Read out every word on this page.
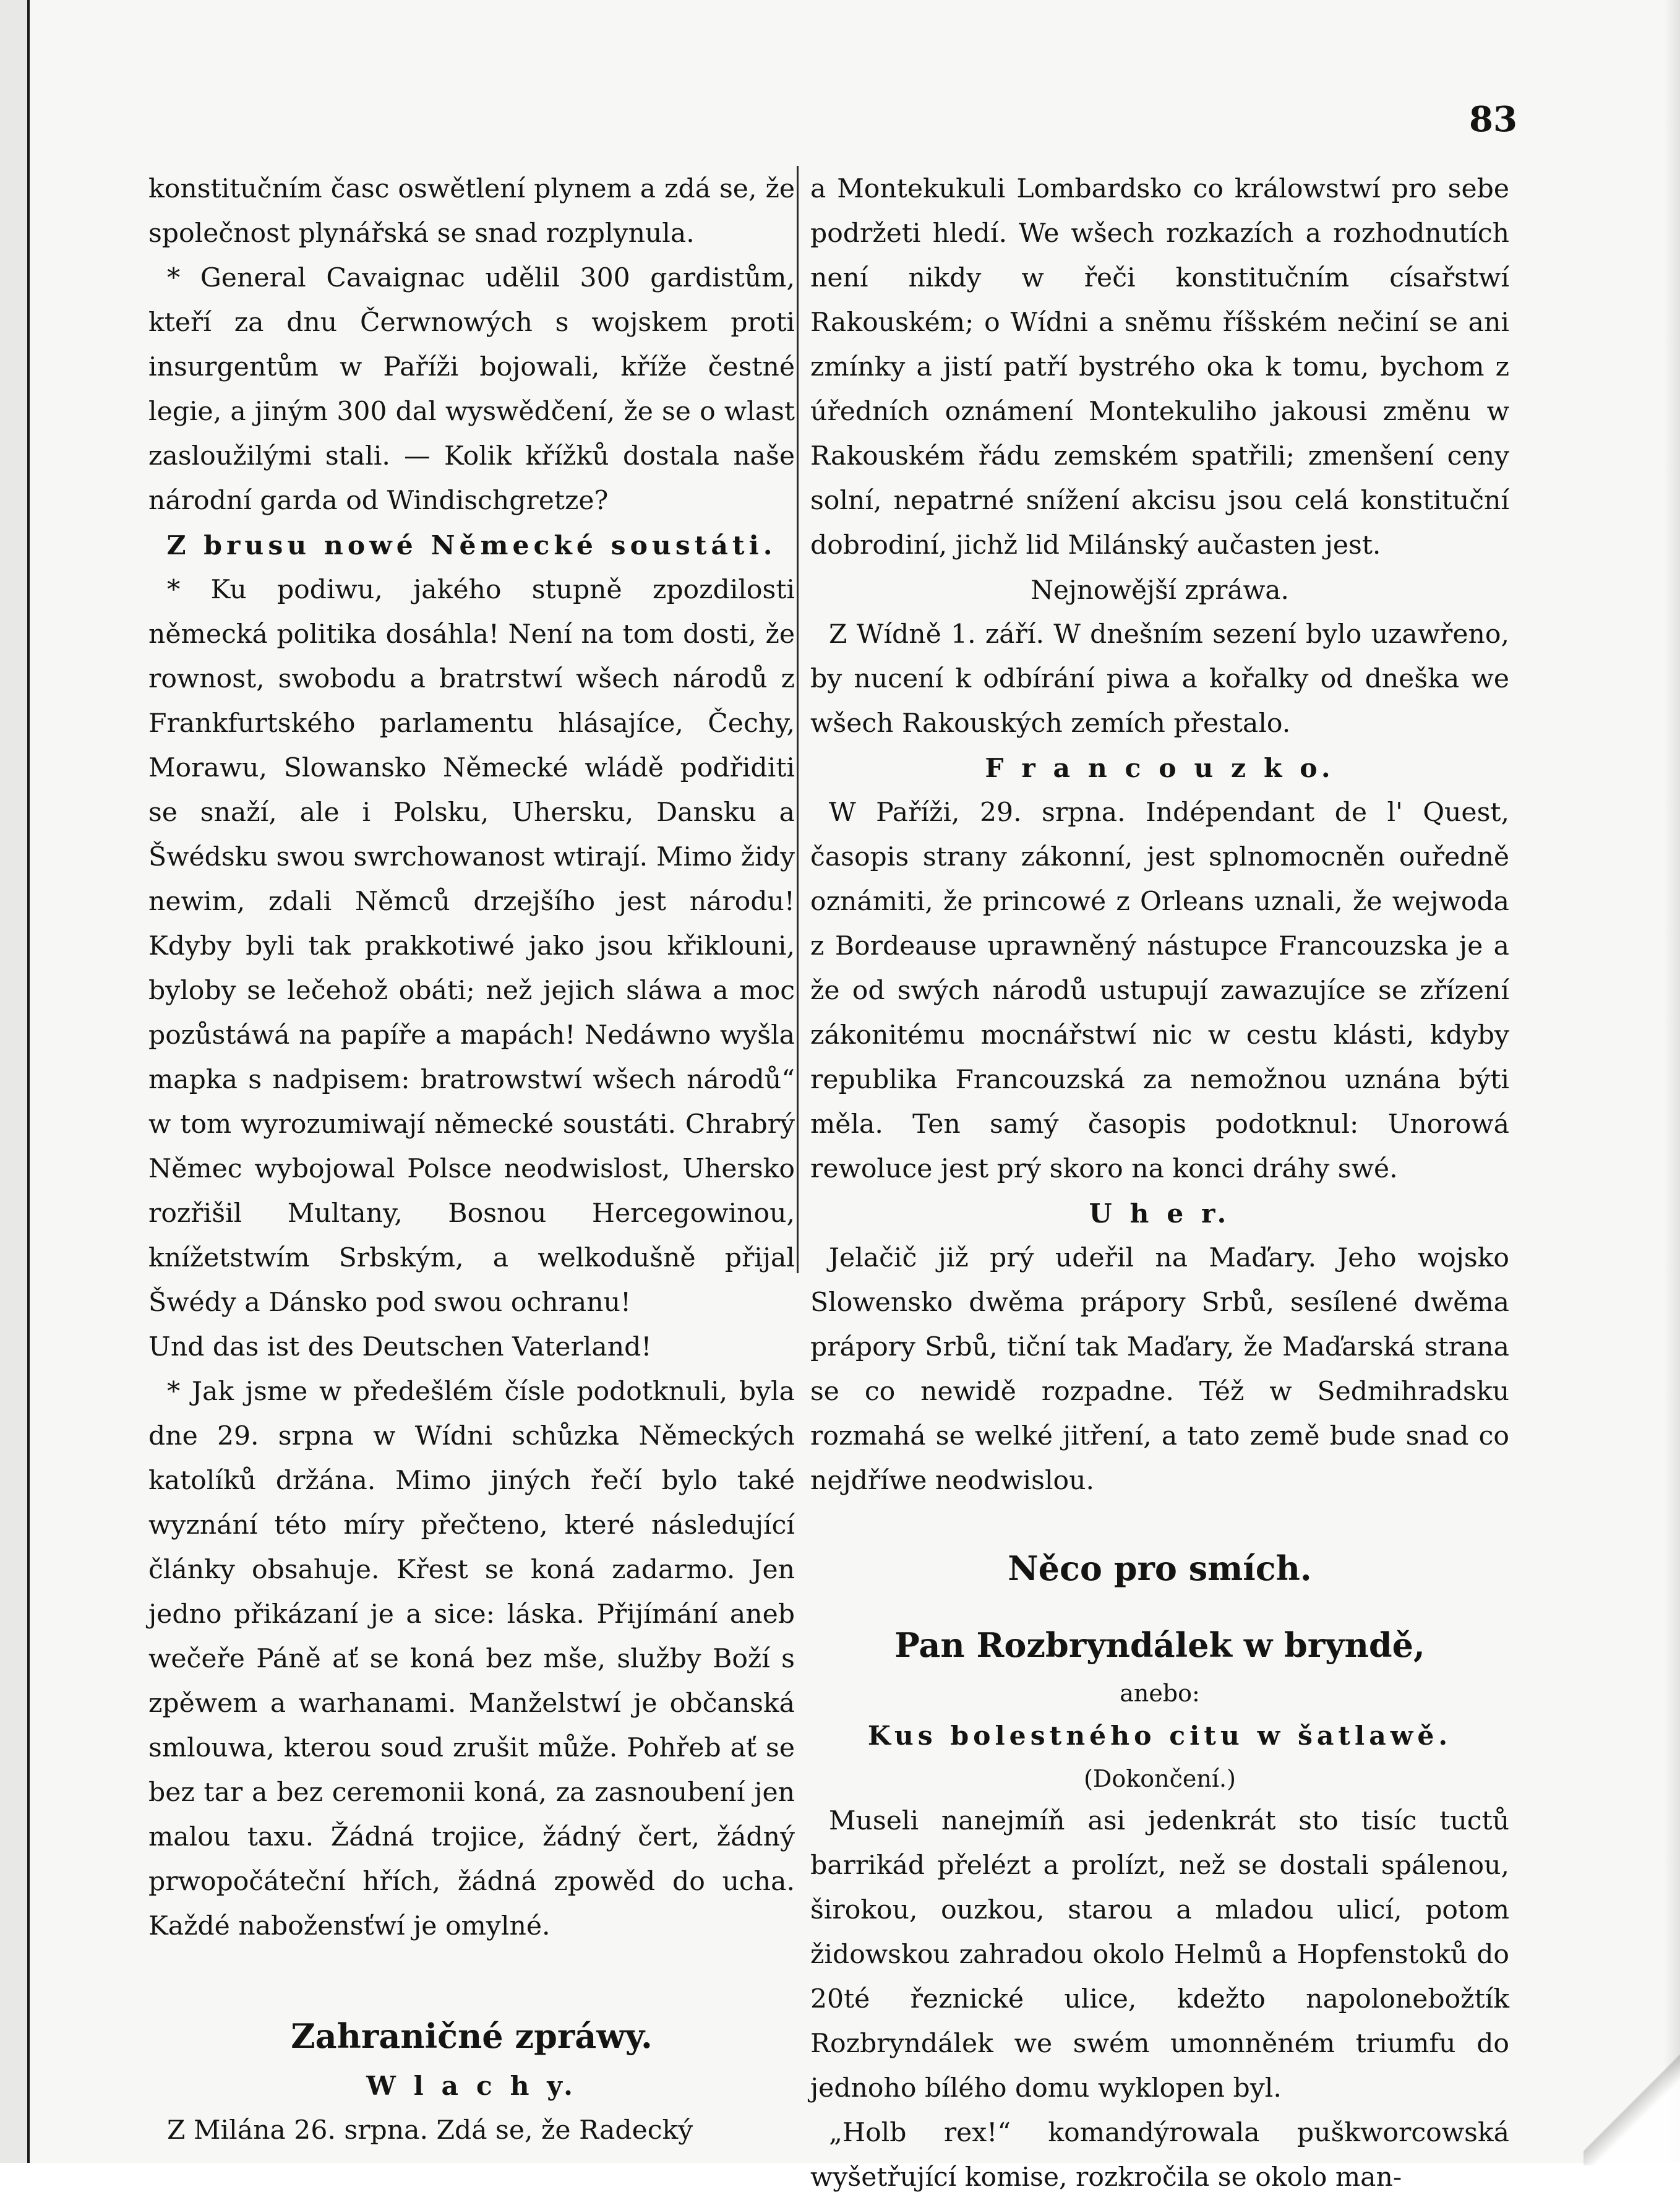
83

konstitučním časc oswětlení plynem a zdá se, že společnost plynářská se snad rozplynula.

* General Cavaignac udělil 300 gardistům, kteří za dnu Čerwnowých s wojskem proti insurgentům w Paříži bojowali, kříže čestné legie, a jiným 300 dal wyswědčení, že se o wlast zasloužilými stali. — Kolik křížků dostala naše národní garda od Windischgretze?

Z brusu nowé Německé soustáti.

* Ku podiwu, jakého stupně zpozdilosti německá politika dosáhla! Není na tom dosti, že rownost, swobodu a bratrstwí wšech národů z Frankfurtského parlamentu hlásajíce, Čechy, Morawu, Slowansko Německé wládě podřiditi se snaží, ale i Polsku, Uhersku, Dansku a Šwédsku swou swrchowanost wtirají. Mimo židy newim, zdali Němců drzejšího jest národu! Kdyby byli tak prakkotiwé jako jsou křiklouni, byloby se lečehož obáti; než jejich sláwa a moc pozůstáwá na papíře a mapách! Nedáwno wyšla mapka s nadpisem: bratrowstwí wšech národů“ w tom wyrozumiwají německé soustáti. Chrabrý Němec wybojowal Polsce neodwislost, Uhersko rozřišil Multany, Bosnou Hercegowinou, knížetstwím Srbským, a welkodušně přijal Šwédy a Dánsko pod swou ochranu!

Und das ist des Deutschen Vaterland!

* Jak jsme w předešlém čísle podotknuli, byla dne 29. srpna w Wídni schůzka Německých katolíků držána. Mimo jiných řečí bylo také wyznání této míry přečteno, které následující články obsahuje. Křest se koná zadarmo. Jen jedno přikázaní je a sice: láska. Přijímání aneb wečeře Páně ať se koná bez mše, služby Boží s zpěwem a warhanami. Manželstwí je občanská smlouwa, kterou soud zrušit může. Pohřeb ať se bez tar a bez ceremonii koná, za zasnoubení jen malou taxu. Žádná trojice, žádný čert, žádný prwopočáteční hřích, žádná zpowěd do ucha. Každé nabožensťwí je omylné.

Zahraničné zpráwy.

W l a c h y.

Z Milána 26. srpna. Zdá se, že Radecký

a Montekukuli Lombardsko co králowstwí pro sebe podržeti hledí. We wšech rozkazích a rozhodnutích není nikdy w řeči konstitučním císařstwí Rakouském; o Wídni a sněmu říšském nečiní se ani zmínky a jistí patří bystrého oka k tomu, bychom z úředních oznámení Montekuliho jakousi změnu w Rakouském řádu zemském spatřili; zmenšení ceny solní, nepatrné snížení akcisu jsou celá konstituční dobrodiní, jichž lid Milánský aučasten jest.

Nejnowější zpráwa.

Z Wídně 1. září. W dnešním sezení bylo uzawřeno, by nucení k odbírání piwa a kořalky od dneška we wšech Rakouských zemích přestalo.

F r a n c o u z k o.

W Paříži, 29. srpna. Indépendant de l' Quest, časopis strany zákonní, jest splnomocněn ouředně oznámiti, že princowé z Orleans uznali, že wejwoda z Bordeause uprawněný nástupce Francouzska je a že od swých národů ustupují zawazujíce se zřízení zákonitému mocnářstwí nic w cestu klásti, kdyby republika Francouzská za nemožnou uznána býti měla. Ten samý časopis podotknul: Unorowá rewoluce jest prý skoro na konci dráhy swé.

U h e r.

Jelačič již prý udeřil na Maďary. Jeho wojsko Slowensko dwěma prápory Srbů, sesílené dwěma prápory Srbů, tiční tak Maďary, že Maďarská strana se co newidě rozpadne. Též w Sedmihradsku rozmahá se welké jitření, a tato země bude snad co nejdříwe neodwislou.

Něco pro smích.

Pan Rozbryndálek w bryndě,

anebo:

Kus bolestného citu w šatlawě.

(Dokončení.)

Museli nanejmíň asi jedenkrát sto tisíc tuctů barrikád přelézt a prolízt, než se dostali spálenou, širokou, ouzkou, starou a mladou ulicí, potom židowskou zahradou okolo Helmů a Hopfenstoků do 20té řeznické ulice, kdežto napolonebožtík Rozbryndálek we swém umonněném triumfu do jednoho bílého domu wyklopen byl.

„Holb rex!“ komandýrowala puškworcowská wyšetřující komise, rozkročila se okolo man-
